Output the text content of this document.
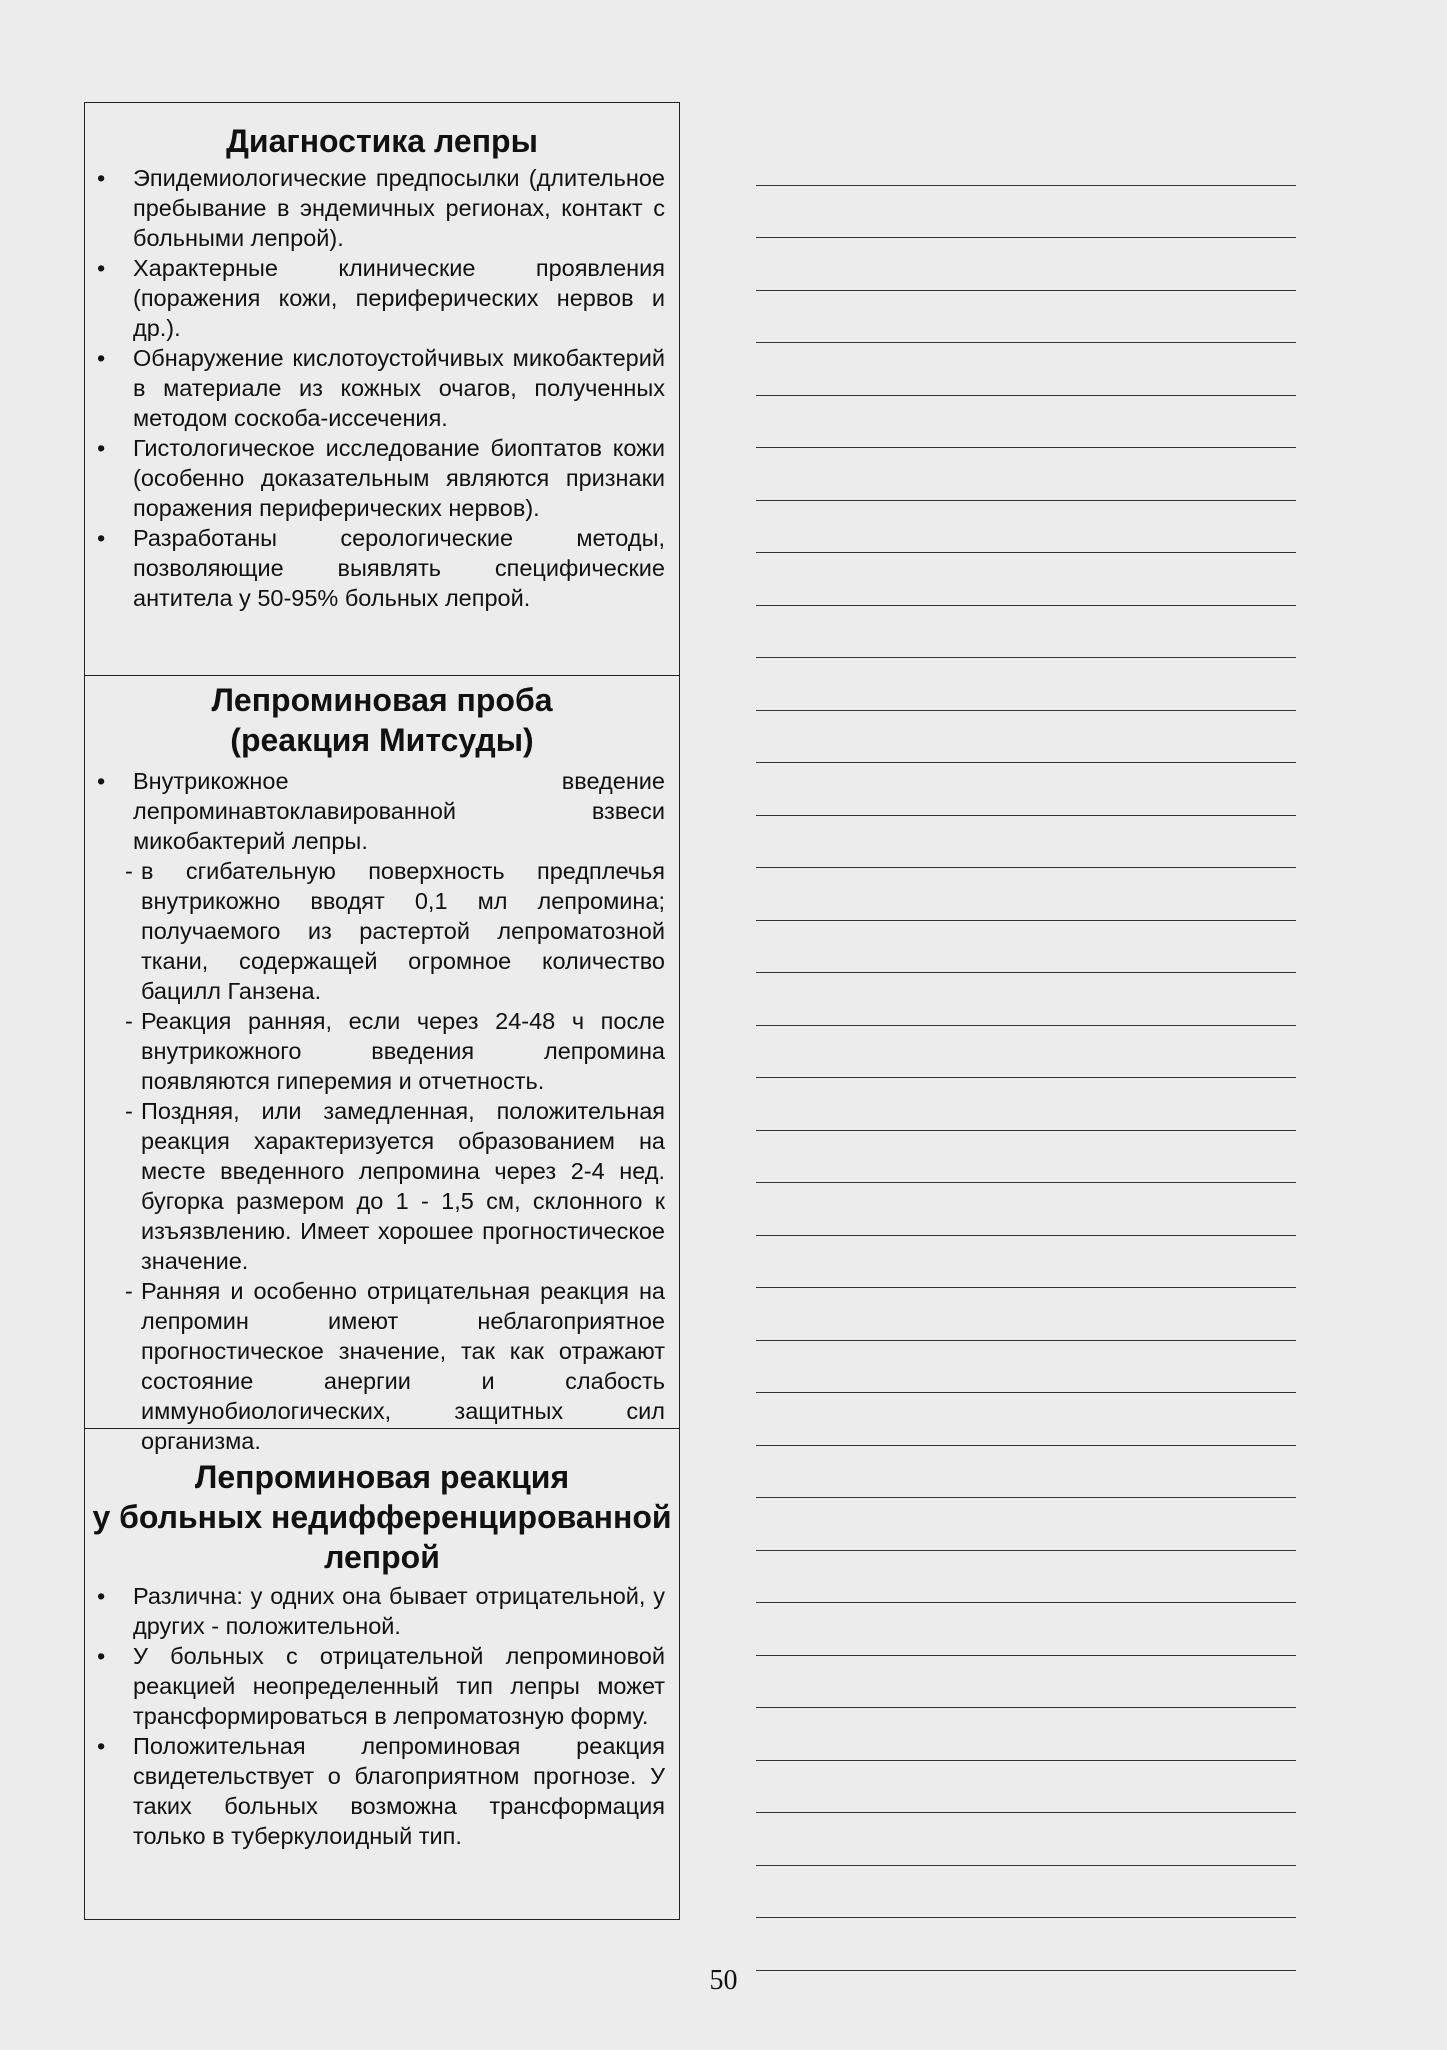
Диагностика лепры
• Эпидемиологические предпосылки (длительное пребывание в эндемичных регионах, контакт с больными лепрой).
• Характерные клинические проявления (поражения кожи, периферических нервов и др.).
• Обнаружение кислотоустойчивых микобактерий в материале из кожных очагов, полученных методом соскоба-иссечения.
• Гистологическое исследование биоптатов кожи (особенно доказательным являются признаки поражения периферических нервов).
• Разработаны серологические методы, позволяющие выявлять специфические антитела у 50-95% больных лепрой.
Лепроминовая проба
(реакция Митсуды)
• Внутрикожное введение лепроминавтоклавированной взвеси микобактерий лепры.
- в сгибательную поверхность предплечья внутрикожно вводят 0,1 мл лепромина; получаемого из растертой лепроматозной ткани, содержащей огромное количество бацилл Ганзена.
- Реакция ранняя, если через 24-48 ч после внутрикожного введения лепромина появляются гиперемия и отчетность.
- Поздняя, или замедленная, положительная реакция характеризуется образованием на месте введенного лепромина через 2-4 нед. бугорка размером до 1 - 1,5 см, склонного к изъязвлению. Имеет хорошее прогностическое значение.
- Ранняя и особенно отрицательная реакция на лепромин имеют неблагоприятное прогностическое значение, так как отражают состояние анергии и слабость иммунобиологических, защитных сил организма.
Лепроминовая реакция
у больных недифференцированной лепрой
• Различна: у одних она бывает отрицательной, у других - положительной.
• У больных с отрицательной лепроминовой реакцией неопределенный тип лепры может трансформироваться в лепроматозную форму.
• Положительная лепроминовая реакция свидетельствует о благоприятном прогнозе. У таких больных возможна трансформация только в туберкулоидный тип.
50
